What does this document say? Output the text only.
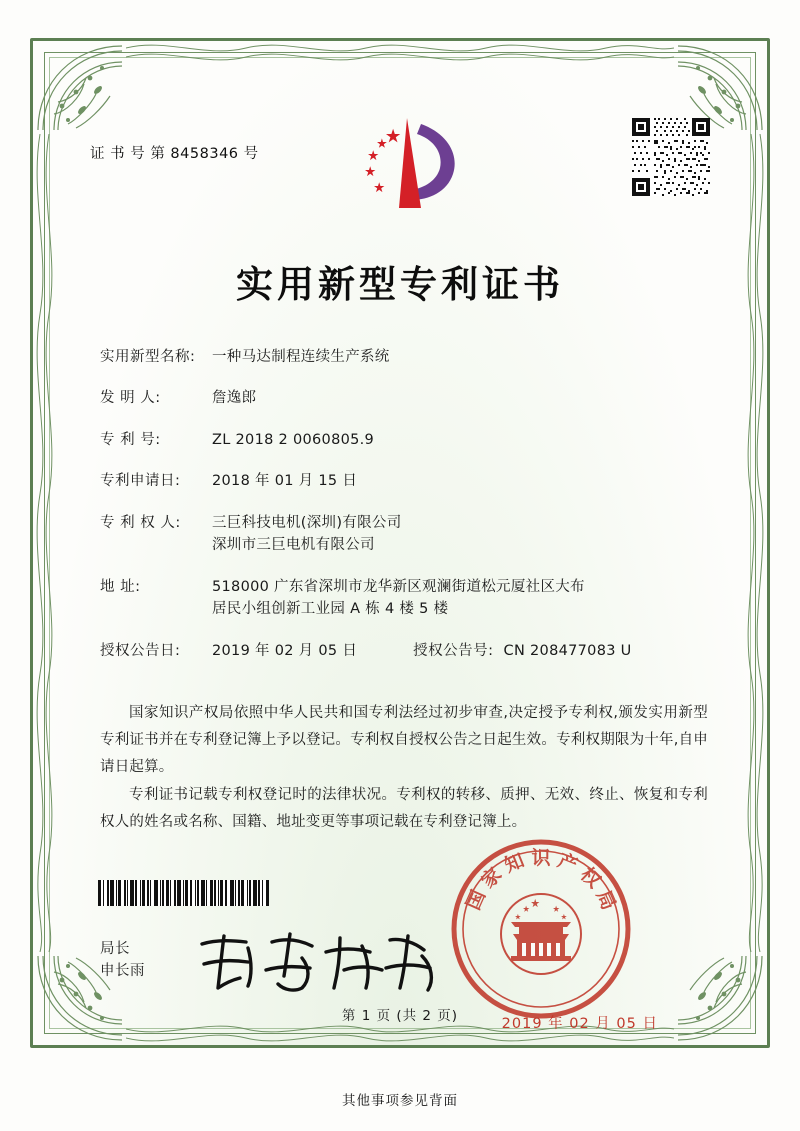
证 书 号 第 8458346 号
实用新型专利证书
实用新型名称:	一种马达制程连续生产系统
发 明 人:	詹逸郎
专 利 号:	ZL 2018 2 0060805.9
专利申请日:	2018 年 01 月 15 日
专 利 权 人:	三巨科技电机(深圳)有限公司
深圳市三巨电机有限公司
地 址:	518000 广东省深圳市龙华新区观澜街道松元厦社区大布
居民小组创新工业园 A 栋 4 楼 5 楼
授权公告日:	2019 年 02 月 05 日	授权公告号: CN 208477083 U

国家知识产权局依照中华人民共和国专利法经过初步审查,决定授予专利权,颁发实用新型专利证书并在专利登记簿上予以登记。专利权自授权公告之日起生效。专利权期限为十年,自申请日起算。

专利证书记载专利权登记时的法律状况。专利权的转移、质押、无效、终止、恢复和专利权人的姓名或名称、国籍、地址变更等事项记载在专利登记簿上。

局长
申长雨
国
家
知 识 产
权
局
2019 年 02 月 05 日
第 1 页 (共 2 页)
其他事项参见背面
